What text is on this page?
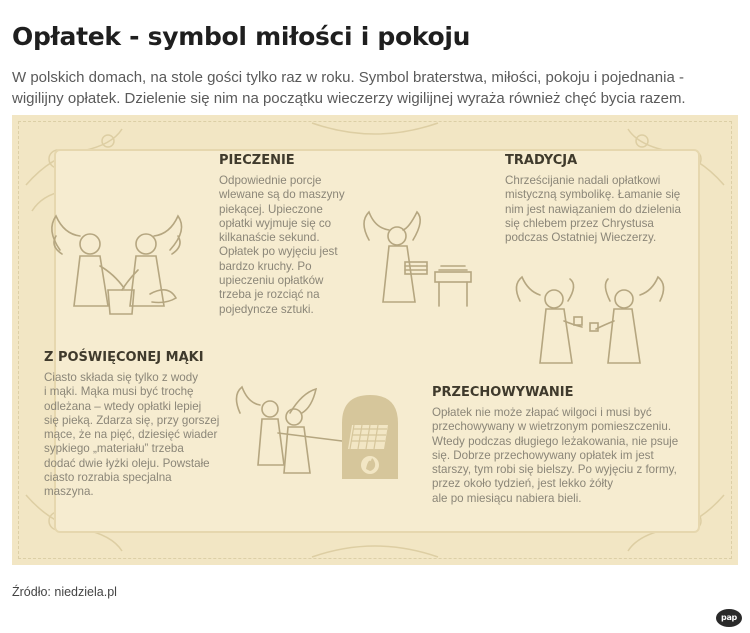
Opłatek - symbol miłości i pokoju

W polskich domach, na stole gości tylko raz w roku. Symbol braterstwa, miłości, pokoju i pojednania - wigilijny opłatek. Dzielenie się nim na początku wieczerzy wigilijnej wyraża również chęć bycia razem.

PIECZENIE

Odpowiednie porcje
wlewane są do maszyny
piekącej. Upieczone
opłatki wyjmuje się co
kilkanaście sekund.
Opłatek po wyjęciu jest
bardzo kruchy. Po
upieczeniu opłatków
trzeba je rozciąć na
pojedyncze sztuki.

TRADYCJA

Chrześcijanie nadali opłatkowi
mistyczną symbolikę. Łamanie się
nim jest nawiązaniem do dzielenia
się chlebem przez Chrystusa
podczas Ostatniej Wieczerzy.

Z POŚWIĘCONEJ MĄKI

Ciasto składa się tylko z wody
i mąki. Mąka musi być trochę
odleżana – wtedy opłatki lepiej
się pieką. Zdarza się, przy gorszej
mące, że na pięć, dziesięć wiader
sypkiego „materiału” trzeba
dodać dwie łyżki oleju. Powstałe
ciasto rozrabia specjalna
maszyna.

PRZECHOWYWANIE

Opłatek nie może złapać wilgoci i musi być
przechowywany w wietrzonym pomieszczeniu.
Wtedy podczas długiego leżakowania, nie psuje
się. Dobrze przechowywany opłatek im jest
starszy, tym robi się bielszy. Po wyjęciu z formy,
przez około tydzień, jest lekko żółty
ale po miesiącu nabiera bieli.

Źródło: niedziela.pl

pap
